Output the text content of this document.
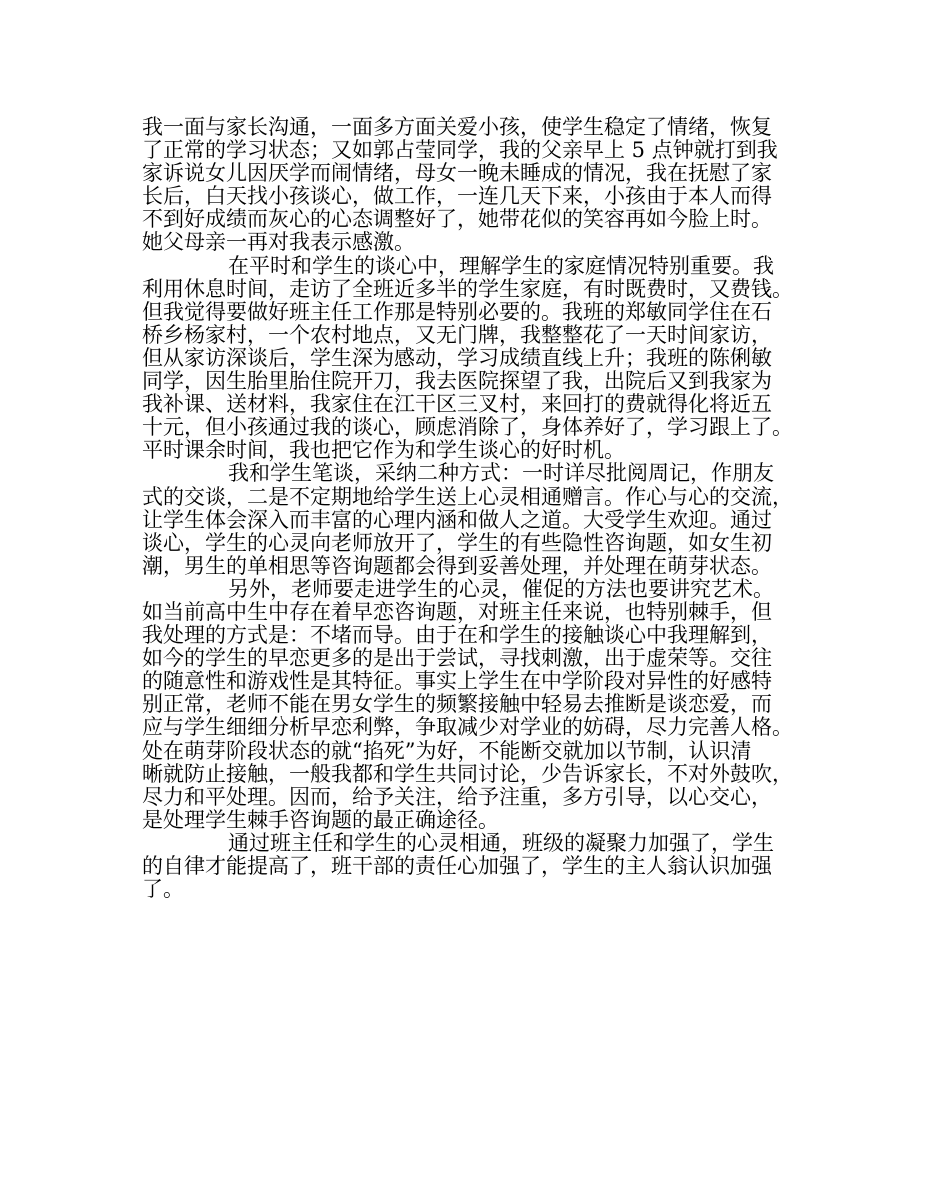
我一面与家长沟通，一面多方面关爱小孩，使学生稳定了情绪，恢复
了正常的学习状态；又如郭占莹同学，我的父亲早上 5 点钟就打到我
家诉说女儿因厌学而闹情绪，母女一晚未睡成的情况，我在抚慰了家
长后，白天找小孩谈心，做工作，一连几天下来，小孩由于本人而得
不到好成绩而灰心的心态调整好了，她带花似的笑容再如今脸上时。
她父母亲一再对我表示感激。
在平时和学生的谈心中，理解学生的家庭情况特别重要。我
利用休息时间，走访了全班近多半的学生家庭，有时既费时，又费钱。
但我觉得要做好班主任工作那是特别必要的。我班的郑敏同学住在石
桥乡杨家村，一个农村地点，又无门牌，我整整花了一天时间家访，
但从家访深谈后，学生深为感动，学习成绩直线上升；我班的陈俐敏
同学，因生胎里胎住院开刀，我去医院探望了我，出院后又到我家为
我补课、送材料，我家住在江干区三叉村，来回打的费就得化将近五
十元，但小孩通过我的谈心，顾虑消除了，身体养好了，学习跟上了。
平时课余时间，我也把它作为和学生谈心的好时机。
我和学生笔谈，采纳二种方式：一时详尽批阅周记，作朋友
式的交谈，二是不定期地给学生送上心灵相通赠言。作心与心的交流，
让学生体会深入而丰富的心理内涵和做人之道。大受学生欢迎。通过
谈心，学生的心灵向老师放开了，学生的有些隐性咨询题，如女生初
潮，男生的单相思等咨询题都会得到妥善处理，并处理在萌芽状态。
另外，老师要走进学生的心灵，催促的方法也要讲究艺术。
如当前高中生中存在着早恋咨询题，对班主任来说，也特别棘手，但
我处理的方式是：不堵而导。由于在和学生的接触谈心中我理解到，
如今的学生的早恋更多的是出于尝试，寻找刺激，出于虚荣等。交往
的随意性和游戏性是其特征。事实上学生在中学阶段对异性的好感特
别正常，老师不能在男女学生的频繁接触中轻易去推断是谈恋爱，而
应与学生细细分析早恋利弊，争取减少对学业的妨碍，尽力完善人格。
处在萌芽阶段状态的就“掐死”为好，不能断交就加以节制，认识清
晰就防止接触，一般我都和学生共同讨论，少告诉家长，不对外鼓吹，
尽力和平处理。因而，给予关注，给予注重，多方引导，以心交心，
是处理学生棘手咨询题的最正确途径。
通过班主任和学生的心灵相通，班级的凝聚力加强了，学生
的自律才能提高了，班干部的责任心加强了，学生的主人翁认识加强
了。
